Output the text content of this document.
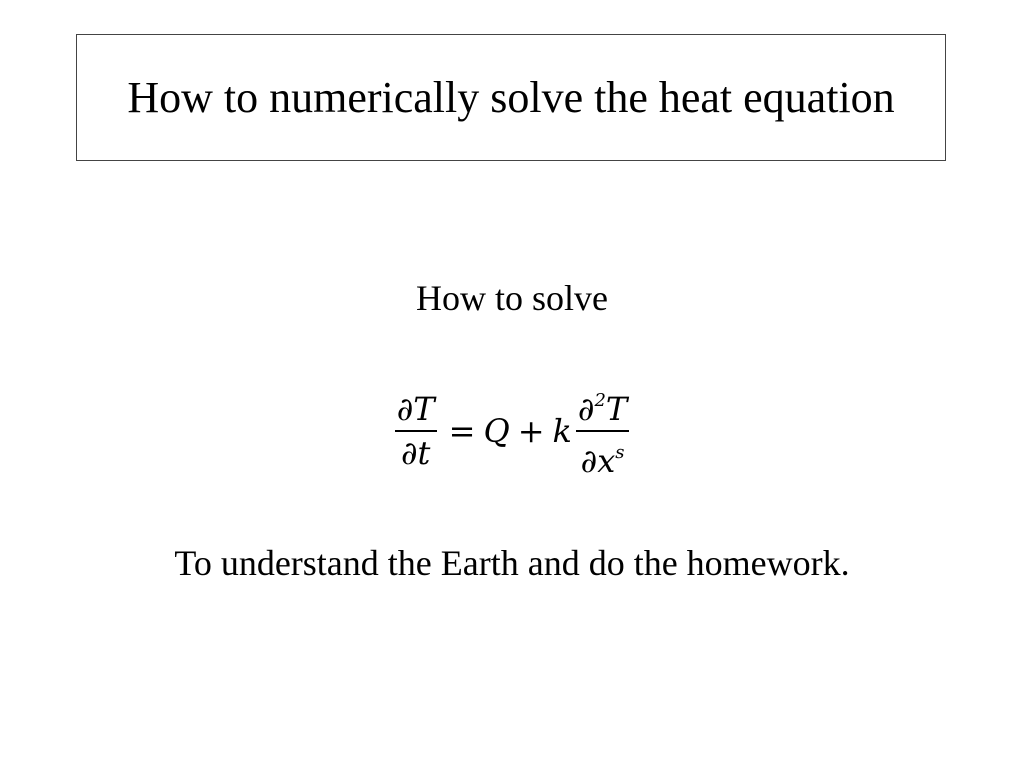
How to numerically solve the heat equation

How to solve

$\frac{\partial T}{\partial t} = Q + k \frac{\partial^2T}{\partial x^s}$

To understand the Earth and do the homework.
